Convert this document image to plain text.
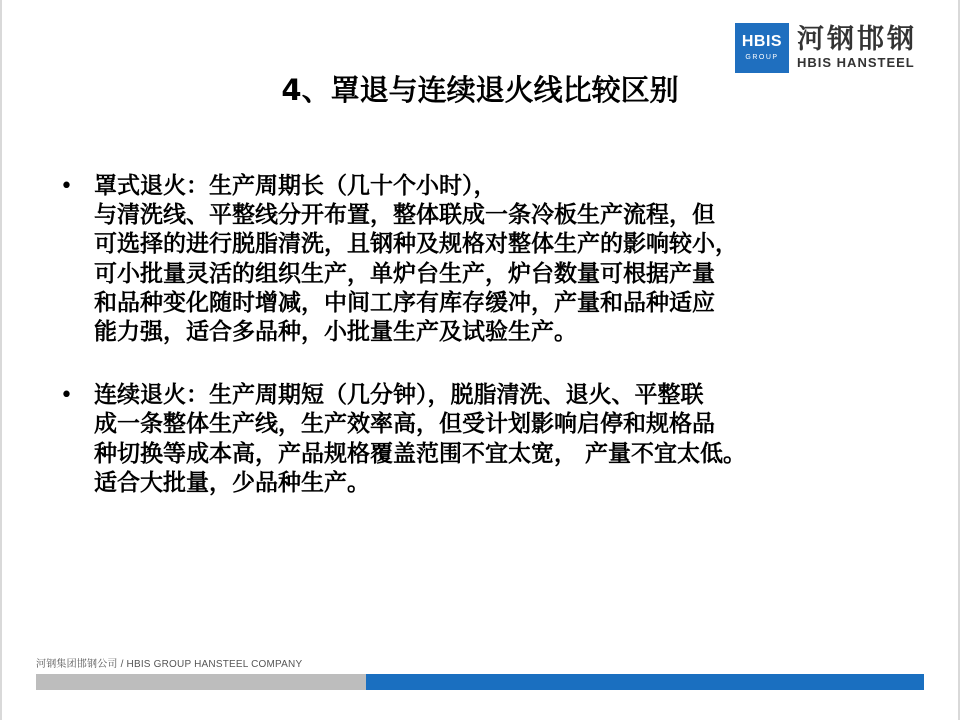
HBIS
GROUP
河钢邯钢
HBIS HANSTEEL
4、罩退与连续退火线比较区别
• 罩式退火：生产周期长（几十个小时），
与清洗线、平整线分开布置，整体联成一条冷板生产流程，但
可选择的进行脱脂清洗，且钢种及规格对整体生产的影响较小，
可小批量灵活的组织生产，单炉台生产，炉台数量可根据产量
和品种变化随时增减，中间工序有库存缓冲，产量和品种适应
能力强，适合多品种，小批量生产及试验生产。
• 连续退火：生产周期短（几分钟），脱脂清洗、退火、平整联
成一条整体生产线，生产效率高，但受计划影响启停和规格品
种切换等成本高，产品规格覆盖范围不宜太宽， 产量不宜太低。
适合大批量，少品种生产。
河钢集团邯钢公司 / HBIS GROUP HANSTEEL COMPANY
